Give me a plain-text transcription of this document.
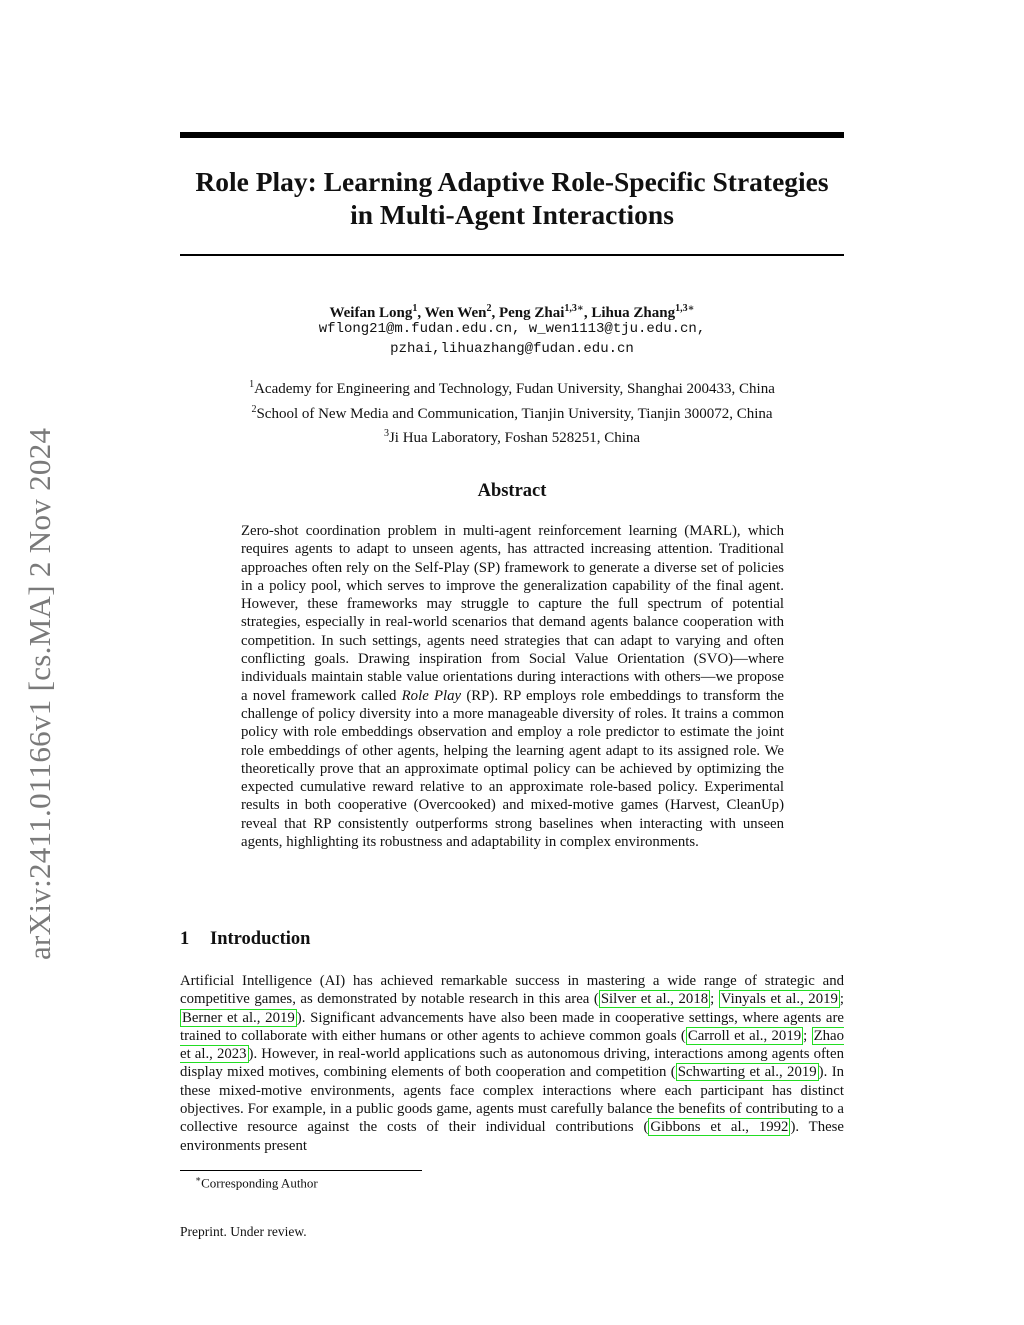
arXiv:2411.01166v1 [cs.MA] 2 Nov 2024
Role Play: Learning Adaptive Role-Specific Strategies
in Multi-Agent Interactions
Weifan Long$^1$, Wen Wen$^2$, Peng Zhai$^{1,3∗}$, Lihua Zhang$^{1,3∗}$
wflong21@m.fudan.edu.cn, w_wen1113@tju.edu.cn,
pzhai,lihuazhang@fudan.edu.cn
$^1$Academy for Engineering and Technology, Fudan University, Shanghai 200433, China
$^2$School of New Media and Communication, Tianjin University, Tianjin 300072, China
$^3$Ji Hua Laboratory, Foshan 528251, China
Abstract
Zero-shot coordination problem in multi-agent reinforcement learning (MARL), which requires agents to adapt to unseen agents, has attracted increasing attention. Traditional approaches often rely on the Self-Play (SP) framework to generate a diverse set of policies in a policy pool, which serves to improve the generalization capability of the final agent. However, these frameworks may struggle to capture the full spectrum of potential strategies, especially in real-world scenarios that demand agents balance cooperation with competition. In such settings, agents need strategies that can adapt to varying and often conflicting goals. Drawing inspiration from Social Value Orientation (SVO)—where individuals maintain stable value orientations during interactions with others—we propose a novel framework called Role Play (RP). RP employs role embeddings to transform the challenge of policy diversity into a more manageable diversity of roles. It trains a common policy with role embeddings observation and employ a role predictor to estimate the joint role embeddings of other agents, helping the learning agent adapt to its assigned role. We theoretically prove that an approximate optimal policy can be achieved by optimizing the expected cumulative reward relative to an approximate role-based policy. Experimental results in both cooperative (Overcooked) and mixed-motive games (Harvest, CleanUp) reveal that RP consistently outperforms strong baselines when interacting with unseen agents, highlighting its robustness and adaptability in complex environments.
1 Introduction
Artificial Intelligence (AI) has achieved remarkable success in mastering a wide range of strategic and competitive games, as demonstrated by notable research in this area ( Silver et al., 2018 ; Vinyals et al., 2019 ; Berner et al., 2019 ). Significant advancements have also been made in cooperative settings, where agents are trained to collaborate with either humans or other agents to achieve common goals ( Carroll et al., 2019 ; Zhao et al., 2023 ). However, in real-world applications such as autonomous driving, interactions among agents often display mixed motives, combining elements of both cooperation and competition ( Schwarting et al., 2019 ). In these mixed-motive environments, agents face complex interactions where each participant has distinct objectives. For example, in a public goods game, agents must carefully balance the benefits of contributing to a collective resource against the costs of their individual contributions ( Gibbons et al., 1992 ). These environments present
∗Corresponding Author
Preprint. Under review.
